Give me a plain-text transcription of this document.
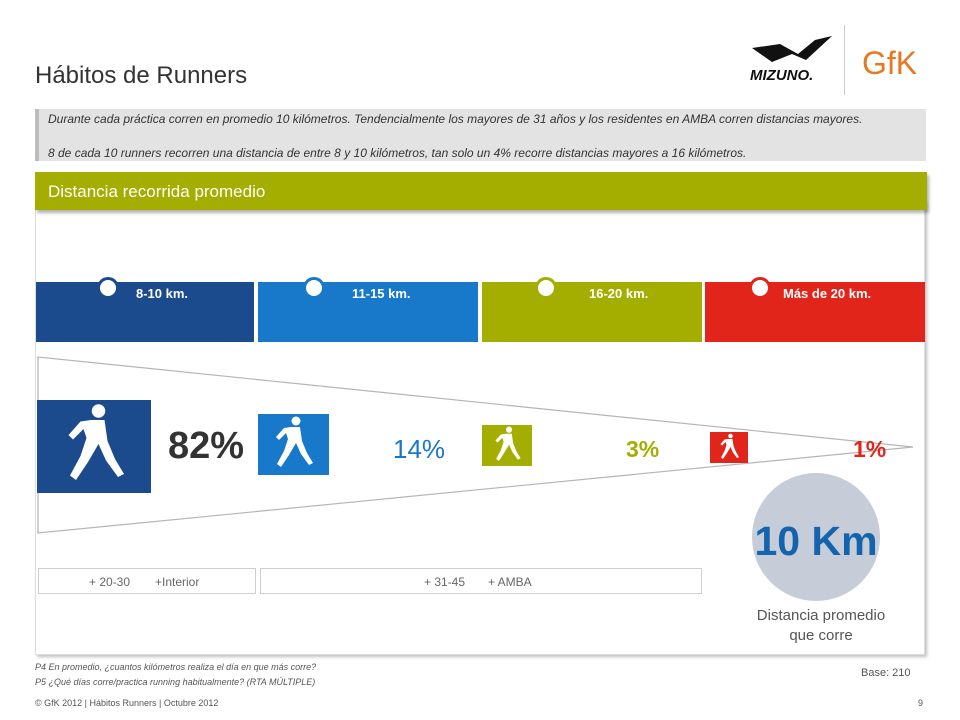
Hábitos de Runners	MIZUNO. GfK

Durante cada práctica corren en promedio 10 kilómetros. Tendencialmente los mayores de 31 años y los residentes en AMBA corren distancias mayores.

8 de cada 10 runners recorren una distancia de entre 8 y 10 kilómetros, tan solo un 4% recorre distancias mayores a 16 kilómetros.

Distancia recorrida promedio
8-10 km.	11-15 km.	16-20 km.	Más de 20 km.
82%	14%	3%	1%
10 Km
Distancia promedio
que corre
+ 20-30 +Interior	+ 31-45 + AMBA
P4 En promedio, ¿cuantos kilómetros realiza el día en que más corre?
P5 ¿Qué días corre/practica running habitualmente? (RTA MÚLTIPLE)
© GfK 2012 | Hábitos Runners | Octubre 2012
Base: 210
9
